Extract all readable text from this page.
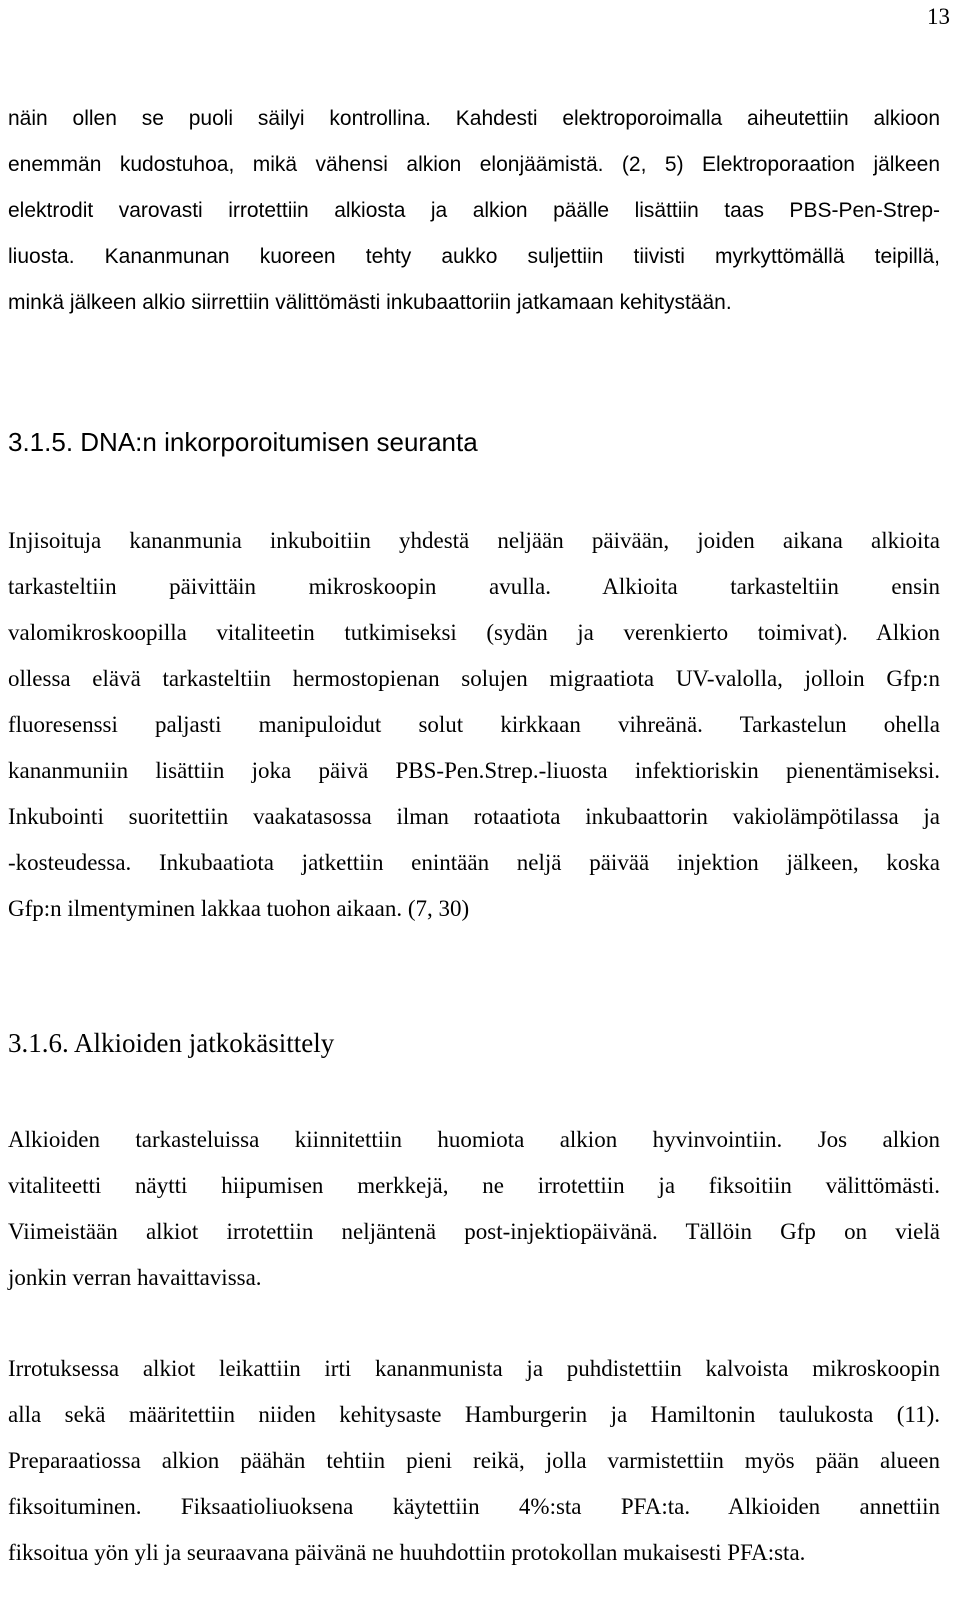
13
näin ollen se puoli säilyi kontrollina. Kahdesti elektroporoimalla aiheutettiin alkioon
enemmän kudostuhoa, mikä vähensi alkion elonjäämistä. (2, 5) Elektroporaation jälkeen
elektrodit varovasti irrotettiin alkiosta ja alkion päälle lisättiin taas PBS-Pen-Strep-
liuosta. Kananmunan kuoreen tehty aukko suljettiin tiivisti myrkyttömällä teipillä,
minkä jälkeen alkio siirrettiin välittömästi inkubaattoriin jatkamaan kehitystään.
3.1.5. DNA:n inkorporoitumisen seuranta
Injisoituja kananmunia inkuboitiin yhdestä neljään päivään, joiden aikana alkioita
tarkasteltiin päivittäin mikroskoopin avulla. Alkioita tarkasteltiin ensin
valomikroskoopilla vitaliteetin tutkimiseksi (sydän ja verenkierto toimivat). Alkion
ollessa elävä tarkasteltiin hermostopienan solujen migraatiota UV-valolla, jolloin Gfp:n
fluoresenssi paljasti manipuloidut solut kirkkaan vihreänä. Tarkastelun ohella
kananmuniin lisättiin joka päivä PBS-Pen.Strep.-liuosta infektioriskin pienentämiseksi.
Inkubointi suoritettiin vaakatasossa ilman rotaatiota inkubaattorin vakiolämpötilassa ja
-kosteudessa. Inkubaatiota jatkettiin enintään neljä päivää injektion jälkeen, koska
Gfp:n ilmentyminen lakkaa tuohon aikaan. (7, 30)
3.1.6. Alkioiden jatkokäsittely
Alkioiden tarkasteluissa kiinnitettiin huomiota alkion hyvinvointiin. Jos alkion
vitaliteetti näytti hiipumisen merkkejä, ne irrotettiin ja fiksoitiin välittömästi.
Viimeistään alkiot irrotettiin neljäntenä post-injektiopäivänä. Tällöin Gfp on vielä
jonkin verran havaittavissa.
Irrotuksessa alkiot leikattiin irti kananmunista ja puhdistettiin kalvoista mikroskoopin
alla sekä määritettiin niiden kehitysaste Hamburgerin ja Hamiltonin taulukosta (11).
Preparaatiossa alkion päähän tehtiin pieni reikä, jolla varmistettiin myös pään alueen
fiksoituminen. Fiksaatioliuoksena käytettiin 4%:sta PFA:ta. Alkioiden annettiin
fiksoitua yön yli ja seuraavana päivänä ne huuhdottiin protokollan mukaisesti PFA:sta.
